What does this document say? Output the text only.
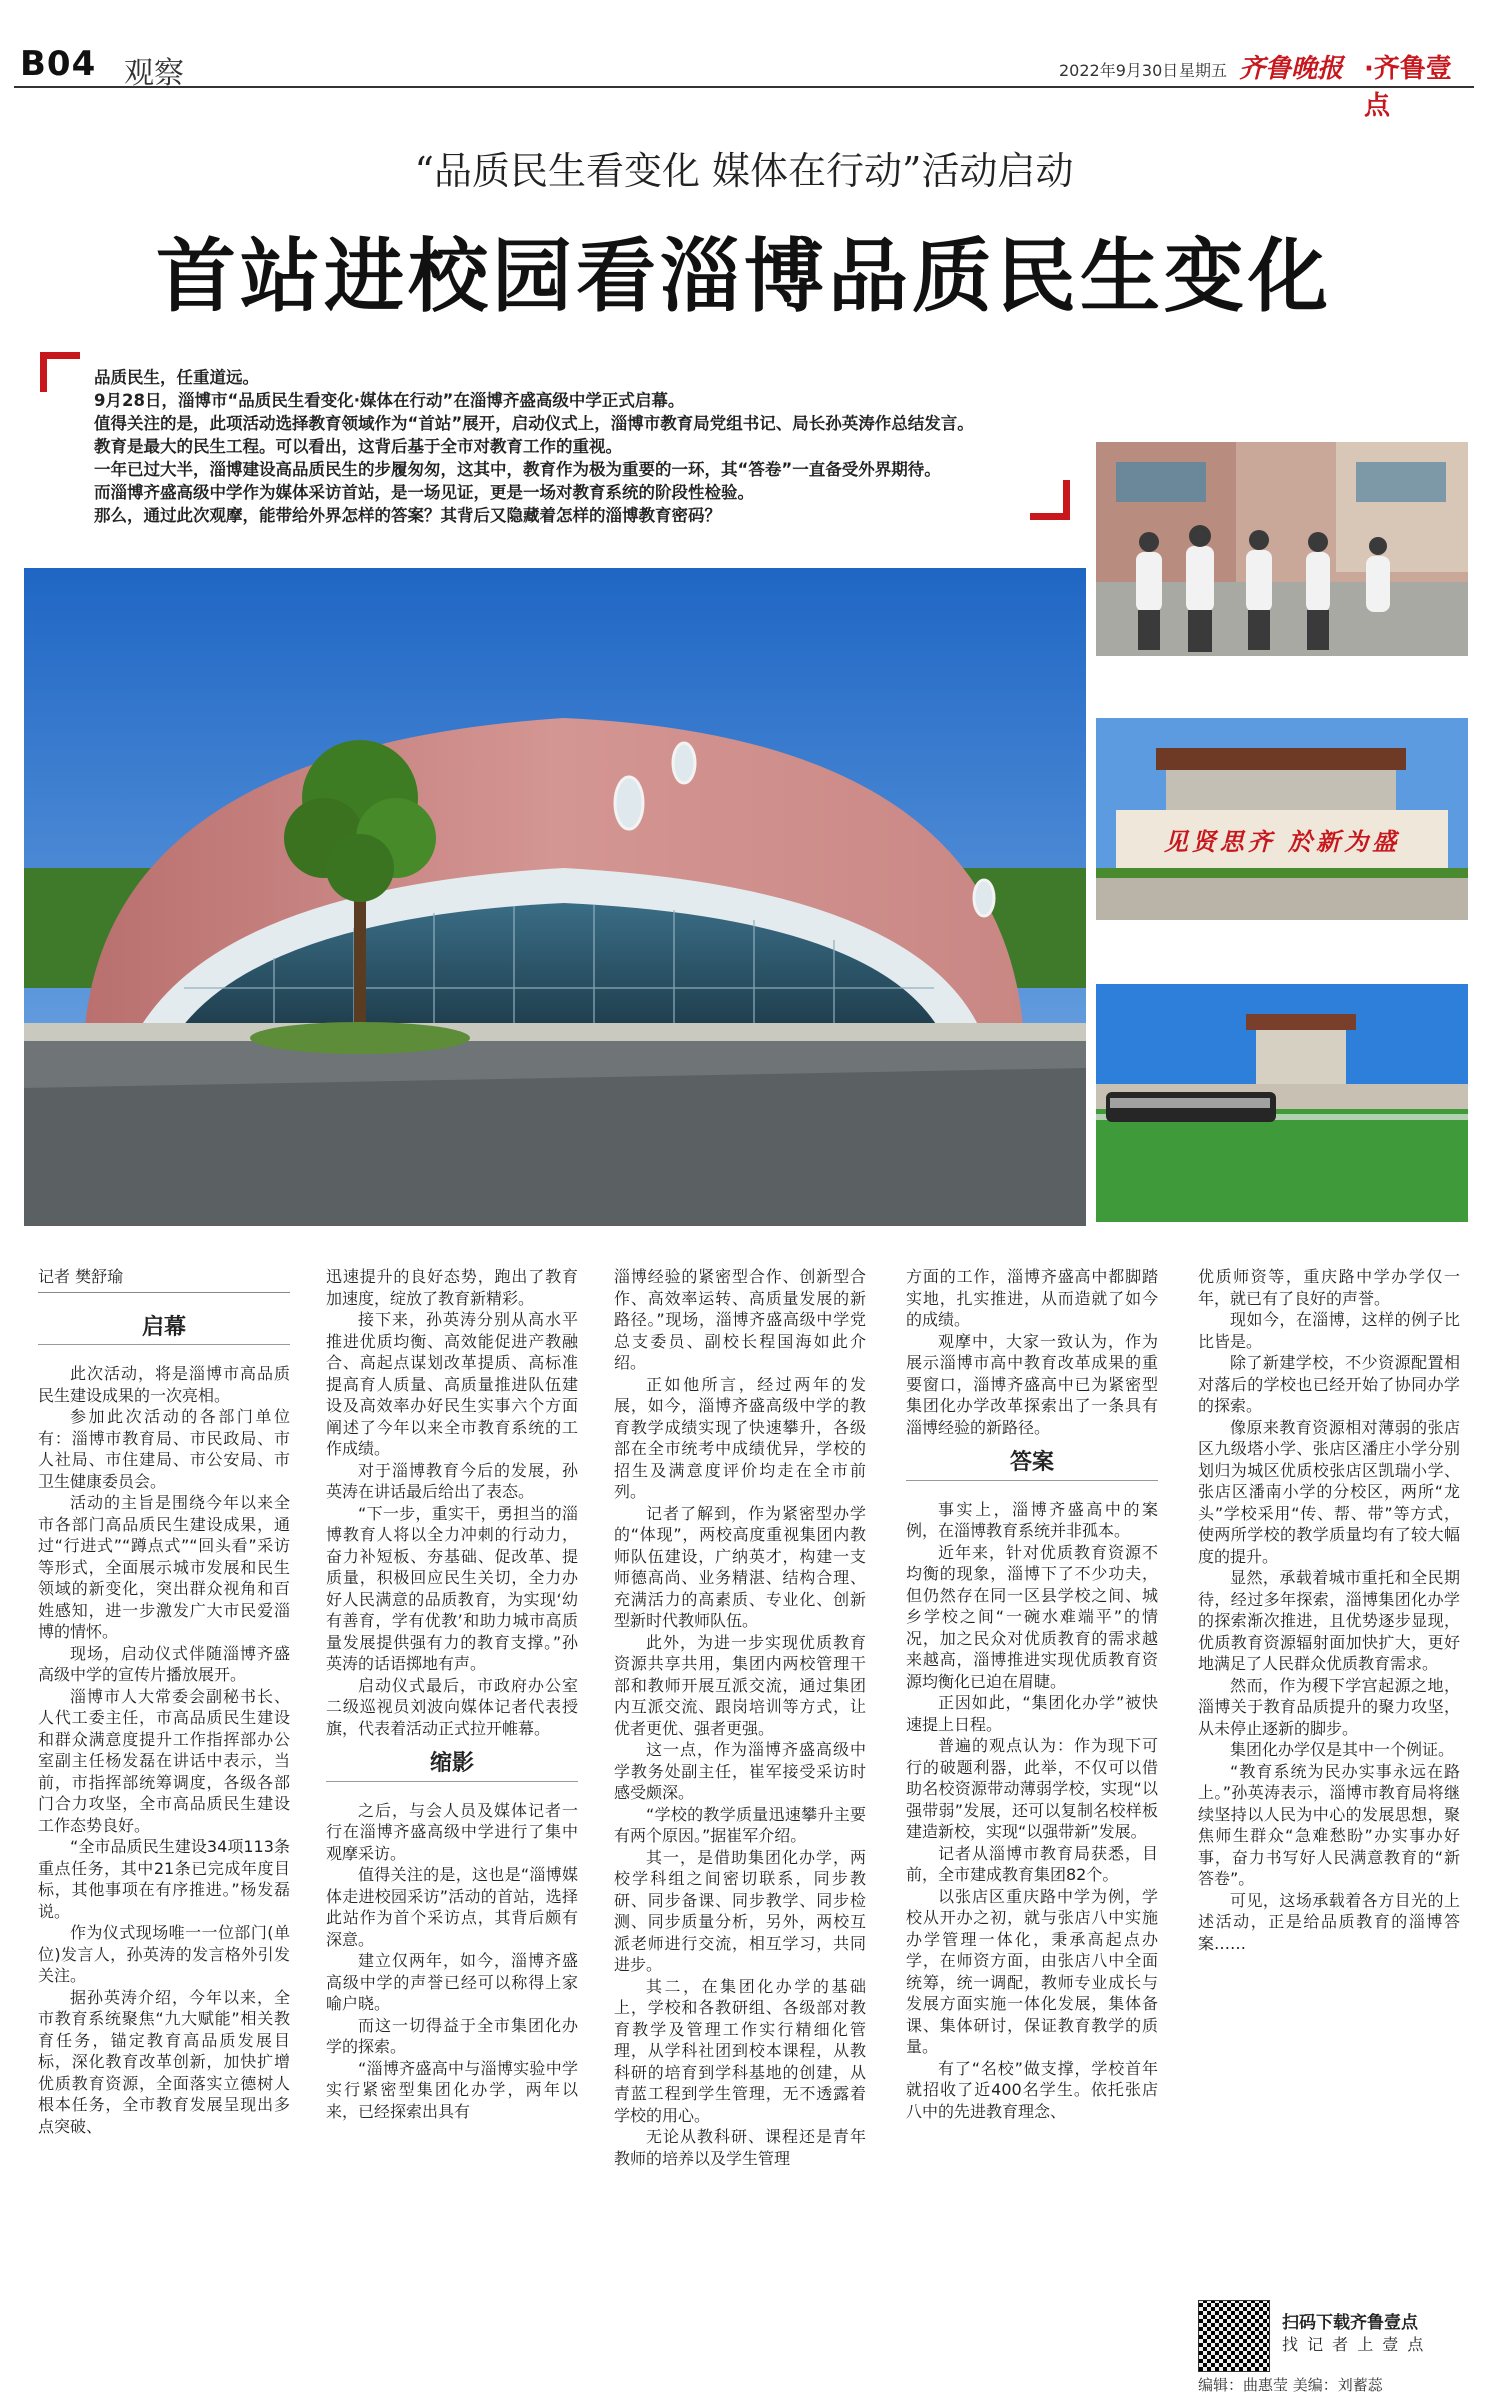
B04 观察	2022年9月30日 星期五 齐鲁晚报 ·齐鲁壹点
“品质民生看变化 媒体在行动”活动启动
首站进校园看淄博品质民生变化

品质民生，任重道远。

9月28日，淄博市“品质民生看变化·媒体在行动”在淄博齐盛高级中学正式启幕。

值得关注的是，此项活动选择教育领域作为“首站”展开，启动仪式上，淄博市教育局党组书记、局长孙英涛作总结发言。

教育是最大的民生工程。可以看出，这背后基于全市对教育工作的重视。

一年已过大半，淄博建设高品质民生的步履匆匆，这其中，教育作为极为重要的一环，其“答卷”一直备受外界期待。

而淄博齐盛高级中学作为媒体采访首站，是一场见证，更是一场对教育系统的阶段性检验。

那么，通过此次观摩，能带给外界怎样的答案？其背后又隐藏着怎样的淄博教育密码？

见贤思齐 於新为盛
记者 樊舒瑜
启幕

此次活动，将是淄博市高品质民生建设成果的一次亮相。

参加此次活动的各部门单位有：淄博市教育局、市民政局、市人社局、市住建局、市公安局、市卫生健康委员会。

活动的主旨是围绕今年以来全市各部门高品质民生建设成果，通过“行进式”“蹲点式”“回头看”采访等形式，全面展示城市发展和民生领域的新变化，突出群众视角和百姓感知，进一步激发广大市民爱淄博的情怀。

现场，启动仪式伴随淄博齐盛高级中学的宣传片播放展开。

淄博市人大常委会副秘书长、人代工委主任，市高品质民生建设和群众满意度提升工作指挥部办公室副主任杨发磊在讲话中表示，当前，市指挥部统筹调度，各级各部门合力攻坚，全市高品质民生建设工作态势良好。

“全市品质民生建设34项113条重点任务，其中21条已完成年度目标，其他事项在有序推进。”杨发磊说。

作为仪式现场唯一一位部门(单位)发言人，孙英涛的发言格外引发关注。

据孙英涛介绍，今年以来，全市教育系统聚焦“九大赋能”相关教育任务，锚定教育高品质发展目标，深化教育改革创新，加快扩增优质教育资源，全面落实立德树人根本任务，全市教育发展呈现出多点突破、

迅速提升的良好态势，跑出了教育加速度，绽放了教育新精彩。

接下来，孙英涛分别从高水平推进优质均衡、高效能促进产教融合、高起点谋划改革提质、高标准提高育人质量、高质量推进队伍建设及高效率办好民生实事六个方面阐述了今年以来全市教育系统的工作成绩。

对于淄博教育今后的发展，孙英涛在讲话最后给出了表态。

“下一步，重实干，勇担当的淄博教育人将以全力冲刺的行动力，奋力补短板、夯基础、促改革、提质量，积极回应民生关切，全力办好人民满意的品质教育，为实现‘幼有善育，学有优教’和助力城市高质量发展提供强有力的教育支撑。”孙英涛的话语掷地有声。

启动仪式最后，市政府办公室二级巡视员刘波向媒体记者代表授旗，代表着活动正式拉开帷幕。

缩影

之后，与会人员及媒体记者一行在淄博齐盛高级中学进行了集中观摩采访。

值得关注的是，这也是“淄博媒体走进校园采访”活动的首站，选择此站作为首个采访点，其背后颇有深意。

建立仅两年，如今，淄博齐盛高级中学的声誉已经可以称得上家喻户晓。

而这一切得益于全市集团化办学的探索。

“淄博齐盛高中与淄博实验中学实行紧密型集团化办学，两年以来，已经探索出具有

淄博经验的紧密型合作、创新型合作、高效率运转、高质量发展的新路径。”现场，淄博齐盛高级中学党总支委员、副校长程国海如此介绍。

正如他所言，经过两年的发展，如今，淄博齐盛高级中学的教育教学成绩实现了快速攀升，各级部在全市统考中成绩优异，学校的招生及满意度评价均走在全市前列。

记者了解到，作为紧密型办学的“体现”，两校高度重视集团内教师队伍建设，广纳英才，构建一支师德高尚、业务精湛、结构合理、充满活力的高素质、专业化、创新型新时代教师队伍。

此外，为进一步实现优质教育资源共享共用，集团内两校管理干部和教师开展互派交流，通过集团内互派交流、跟岗培训等方式，让优者更优、强者更强。

这一点，作为淄博齐盛高级中学教务处副主任，崔军接受采访时感受颇深。

“学校的教学质量迅速攀升主要有两个原因。”据崔军介绍。

其一，是借助集团化办学，两校学科组之间密切联系，同步教研、同步备课、同步教学、同步检测、同步质量分析，另外，两校互派老师进行交流，相互学习，共同进步。

其二，在集团化办学的基础上，学校和各教研组、各级部对教育教学及管理工作实行精细化管理，从学科社团到校本课程，从教科研的培育到学科基地的创建，从青蓝工程到学生管理，无不透露着学校的用心。

无论从教科研、课程还是青年教师的培养以及学生管理

方面的工作，淄博齐盛高中都脚踏实地，扎实推进，从而造就了如今的成绩。

观摩中，大家一致认为，作为展示淄博市高中教育改革成果的重要窗口，淄博齐盛高中已为紧密型集团化办学改革探索出了一条具有淄博经验的新路径。

答案

事实上，淄博齐盛高中的案例，在淄博教育系统并非孤本。

近年来，针对优质教育资源不均衡的现象，淄博下了不少功夫，但仍然存在同一区县学校之间、城乡学校之间“一碗水难端平”的情况，加之民众对优质教育的需求越来越高，淄博推进实现优质教育资源均衡化已迫在眉睫。

正因如此，“集团化办学”被快速提上日程。

普遍的观点认为：作为现下可行的破题利器，此举，不仅可以借助名校资源带动薄弱学校，实现“以强带弱”发展，还可以复制名校样板建造新校，实现“以强带新”发展。

记者从淄博市教育局获悉，目前，全市建成教育集团82个。

以张店区重庆路中学为例，学校从开办之初，就与张店八中实施办学管理一体化，秉承高起点办学，在师资方面，由张店八中全面统筹，统一调配，教师专业成长与发展方面实施一体化发展，集体备课、集体研讨，保证教育教学的质量。

有了“名校”做支撑，学校首年就招收了近400名学生。依托张店八中的先进教育理念、

优质师资等，重庆路中学办学仅一年，就已有了良好的声誉。

现如今，在淄博，这样的例子比比皆是。

除了新建学校，不少资源配置相对落后的学校也已经开始了协同办学的探索。

像原来教育资源相对薄弱的张店区九级塔小学、张店区潘庄小学分别划归为城区优质校张店区凯瑞小学、张店区潘南小学的分校区，两所“龙头”学校采用“传、帮、带”等方式，使两所学校的教学质量均有了较大幅度的提升。

显然，承载着城市重托和全民期待，经过多年探索，淄博集团化办学的探索渐次推进，且优势逐步显现，优质教育资源辐射面加快扩大，更好地满足了人民群众优质教育需求。

然而，作为稷下学宫起源之地，淄博关于教育品质提升的聚力攻坚，从未停止逐新的脚步。

集团化办学仅是其中一个例证。

“教育系统为民办实事永远在路上。”孙英涛表示，淄博市教育局将继续坚持以人民为中心的发展思想，聚焦师生群众“急难愁盼”办实事办好事，奋力书写好人民满意教育的“新答卷”。

可见，这场承载着各方目光的上述活动，正是给品质教育的淄博答案……

扫码下载齐鲁壹点
找 记 者 上 壹 点
编辑：曲惠莹 美编：刘蓄蕊
